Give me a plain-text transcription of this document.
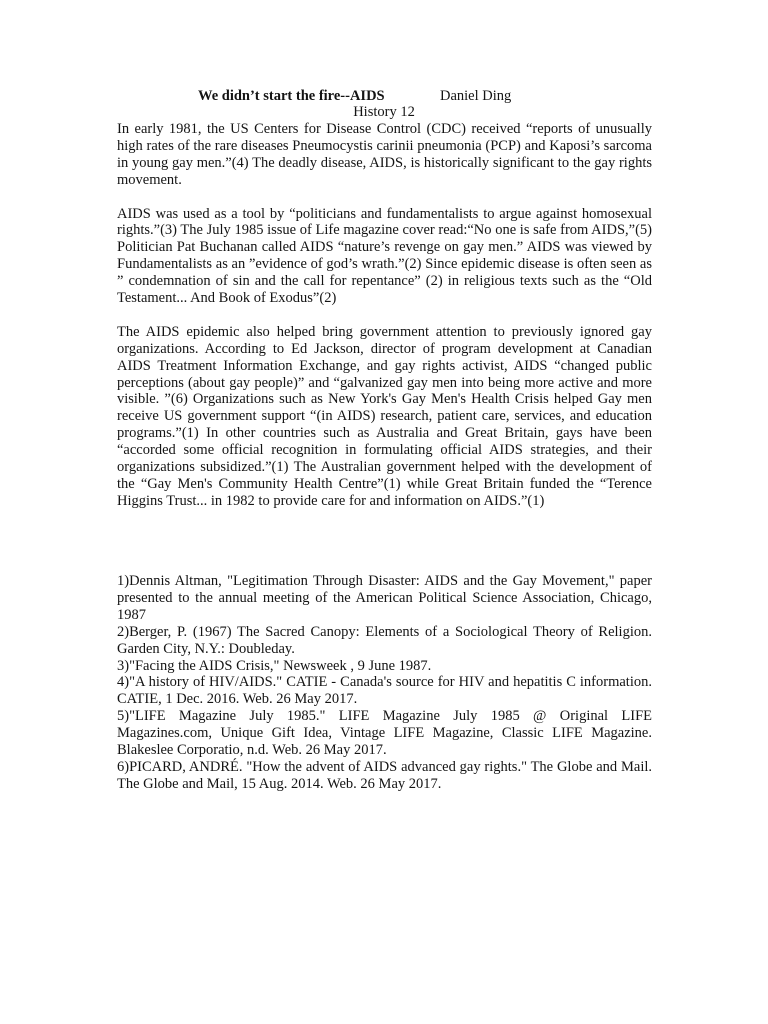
We didn’t start the fire--AIDS	Daniel Ding
History 12

In early 1981, the US Centers for Disease Control (CDC) received “reports of unusually high rates of the rare diseases Pneumocystis carinii pneumonia (PCP) and Kaposi’s sarcoma in young gay men.”(4) The deadly disease, AIDS, is historically significant to the gay rights movement.

AIDS was used as a tool by “politicians and fundamentalists to argue against homosexual rights.”(3) The July 1985 issue of Life magazine cover read:“No one is safe from AIDS,”(5) Politician Pat Buchanan called AIDS “nature’s revenge on gay men.” AIDS was viewed by Fundamentalists as an ”evidence of god’s wrath.”(2) Since epidemic disease is often seen as ” condemnation of sin and the call for repentance” (2) in religious texts such as the “Old Testament... And Book of Exodus”(2)

The AIDS epidemic also helped bring government attention to previously ignored gay organizations. According to Ed Jackson, director of program development at Canadian AIDS Treatment Information Exchange, and gay rights activist, AIDS “changed public perceptions (about gay people)” and “galvanized gay men into being more active and more visible. ”(6) Organizations such as New York's Gay Men's Health Crisis helped Gay men receive US government support “(in AIDS) research, patient care, services, and education programs.”(1) In other countries such as Australia and Great Britain, gays have been “accorded some official recognition in formulating official AIDS strategies, and their organizations subsidized.”(1) The Australian government helped with the development of the “Gay Men's Community Health Centre”(1) while Great Britain funded the “Terence Higgins Trust... in 1982 to provide care for and information on AIDS.”(1)

1)Dennis Altman, "Legitimation Through Disaster: AIDS and the Gay Movement," paper presented to the annual meeting of the American Political Science Association, Chicago, 1987

2)Berger, P. (1967) The Sacred Canopy: Elements of a Sociological Theory of Religion. Garden City, N.Y.: Doubleday.

3)"Facing the AIDS Crisis," Newsweek , 9 June 1987.

4)"A history of HIV/AIDS." CATIE - Canada's source for HIV and hepatitis C information. CATIE, 1 Dec. 2016. Web. 26 May 2017.

5)"LIFE Magazine July 1985." LIFE Magazine July 1985 @ Original LIFE Magazines.com, Unique Gift Idea, Vintage LIFE Magazine, Classic LIFE Magazine. Blakeslee Corporatio, n.d. Web. 26 May 2017.

6)PICARD, ANDRÉ. "How the advent of AIDS advanced gay rights." The Globe and Mail. The Globe and Mail, 15 Aug. 2014. Web. 26 May 2017.
